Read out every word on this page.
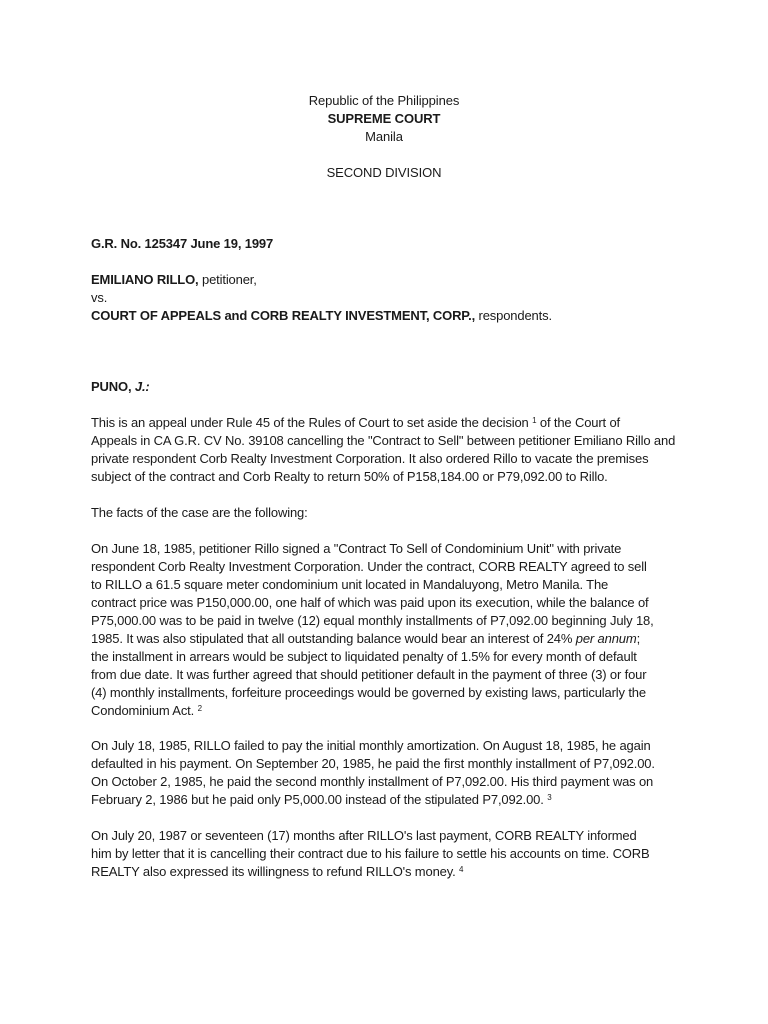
Republic of the Philippines
SUPREME COURT
Manila
SECOND DIVISION
G.R. No. 125347 June 19, 1997
EMILIANO RILLO, petitioner,
vs.
COURT OF APPEALS and CORB REALTY INVESTMENT, CORP., respondents.
PUNO, J.:
This is an appeal under Rule 45 of the Rules of Court to set aside the decision $^1$ of the Court of
Appeals in CA G.R. CV No. 39108 cancelling the "Contract to Sell" between petitioner Emiliano Rillo and
private respondent Corb Realty Investment Corporation. It also ordered Rillo to vacate the premises
subject of the contract and Corb Realty to return 50% of P158,184.00 or P79,092.00 to Rillo.
The facts of the case are the following:
On June 18, 1985, petitioner Rillo signed a "Contract To Sell of Condominium Unit" with private
respondent Corb Realty Investment Corporation. Under the contract, CORB REALTY agreed to sell
to RILLO a 61.5 square meter condominium unit located in Mandaluyong, Metro Manila. The
contract price was P150,000.00, one half of which was paid upon its execution, while the balance of
P75,000.00 was to be paid in twelve (12) equal monthly installments of P7,092.00 beginning July 18,
1985. It was also stipulated that all outstanding balance would bear an interest of 24% per annum;
the installment in arrears would be subject to liquidated penalty of 1.5% for every month of default
from due date. It was further agreed that should petitioner default in the payment of three (3) or four
(4) monthly installments, forfeiture proceedings would be governed by existing laws, particularly the
Condominium Act. $^2$
On July 18, 1985, RILLO failed to pay the initial monthly amortization. On August 18, 1985, he again
defaulted in his payment. On September 20, 1985, he paid the first monthly installment of P7,092.00.
On October 2, 1985, he paid the second monthly installment of P7,092.00. His third payment was on
February 2, 1986 but he paid only P5,000.00 instead of the stipulated P7,092.00. $^3$
On July 20, 1987 or seventeen (17) months after RILLO's last payment, CORB REALTY informed
him by letter that it is cancelling their contract due to his failure to settle his accounts on time. CORB
REALTY also expressed its willingness to refund RILLO's money. $^4$
